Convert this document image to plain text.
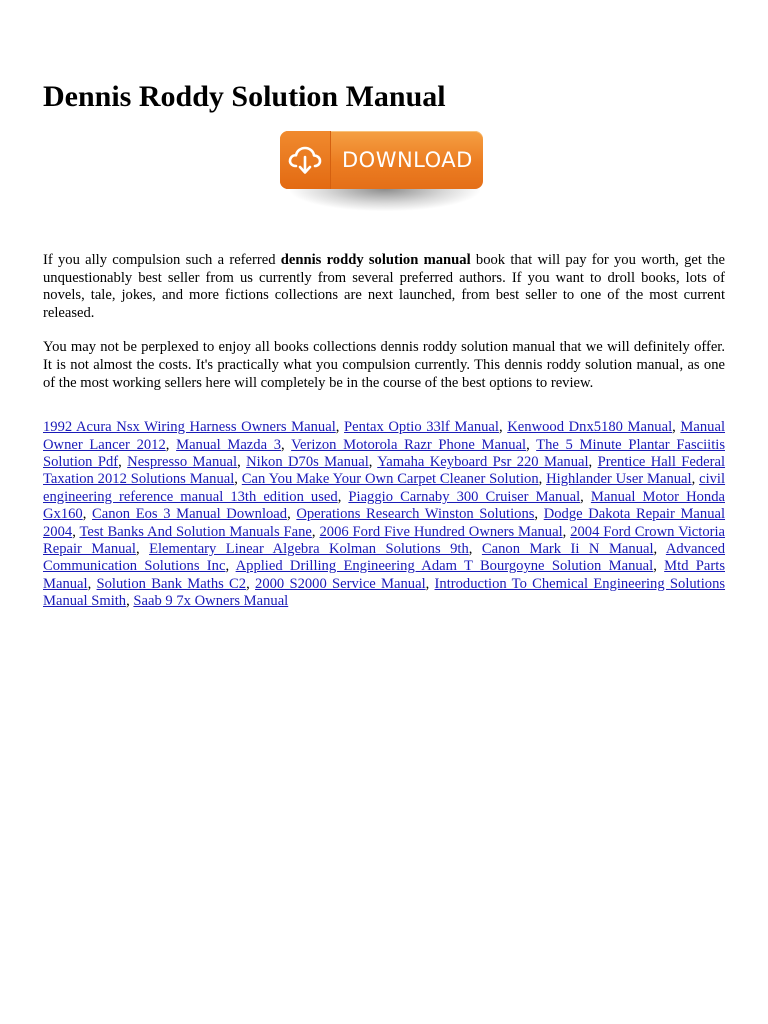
Dennis Roddy Solution Manual
DOWNLOAD

If you ally compulsion such a referred dennis roddy solution manual book that will pay for you worth, get the unquestionably best seller from us currently from several preferred authors. If you want to droll books, lots of novels, tale, jokes, and more fictions collections are next launched, from best seller to one of the most current released.

You may not be perplexed to enjoy all books collections dennis roddy solution manual that we will definitely offer. It is not almost the costs. It's practically what you compulsion currently. This dennis roddy solution manual, as one of the most working sellers here will completely be in the course of the best options to review.

1992 Acura Nsx Wiring Harness Owners Manual, Pentax Optio 33lf Manual, Kenwood Dnx5180 Manual, Manual Owner Lancer 2012, Manual Mazda 3, Verizon Motorola Razr Phone Manual, The 5 Minute Plantar Fasciitis Solution Pdf, Nespresso Manual, Nikon D70s Manual, Yamaha Keyboard Psr 220 Manual, Prentice Hall Federal Taxation 2012 Solutions Manual, Can You Make Your Own Carpet Cleaner Solution, Highlander User Manual, civil engineering reference manual 13th edition used, Piaggio Carnaby 300 Cruiser Manual, Manual Motor Honda Gx160, Canon Eos 3 Manual Download, Operations Research Winston Solutions, Dodge Dakota Repair Manual 2004, Test Banks And Solution Manuals Fane, 2006 Ford Five Hundred Owners Manual, 2004 Ford Crown Victoria Repair Manual, Elementary Linear Algebra Kolman Solutions 9th, Canon Mark Ii N Manual, Advanced Communication Solutions Inc, Applied Drilling Engineering Adam T Bourgoyne Solution Manual, Mtd Parts Manual, Solution Bank Maths C2, 2000 S2000 Service Manual, Introduction To Chemical Engineering Solutions Manual Smith, Saab 9 7x Owners Manual
